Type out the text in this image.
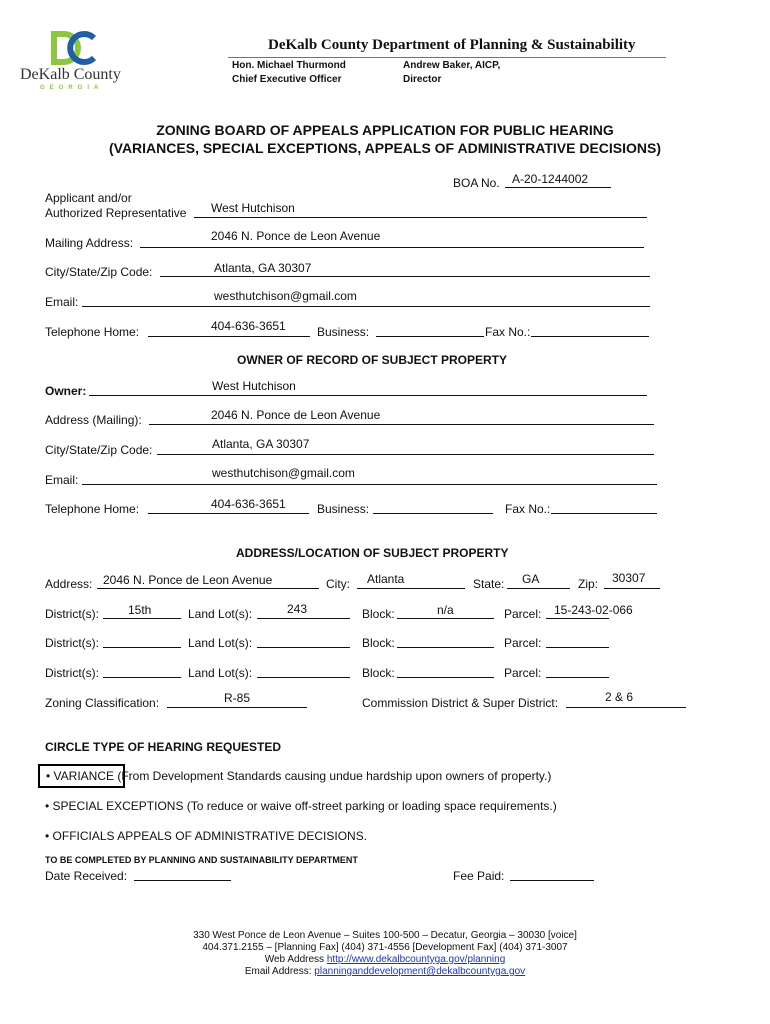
DeKalb County
GEORGIA
DeKalb County Department of Planning & Sustainability
Hon. Michael Thurmond
Chief Executive Officer
Andrew Baker, AICP,
Director
ZONING BOARD OF APPEALS APPLICATION FOR PUBLIC HEARING
(VARIANCES, SPECIAL EXCEPTIONS, APPEALS OF ADMINISTRATIVE DECISIONS)
BOA No. A-20-1244002
Applicant and/or
Authorized Representative West Hutchison
Mailing Address:	2046 N. Ponce de Leon Avenue
City/State/Zip Code:	Atlanta, GA 30307
Email:	westhutchison@gmail.com
Telephone Home:	404-636-3651	Business:	Fax No.:
OWNER OF RECORD OF SUBJECT PROPERTY
Owner:	West Hutchison
Address (Mailing):	2046 N. Ponce de Leon Avenue
City/State/Zip Code:	Atlanta, GA 30307
Email:	westhutchison@gmail.com
Telephone Home:	404-636-3651	Business:	Fax No.:
ADDRESS/LOCATION OF SUBJECT PROPERTY
Address: 2046 N. Ponce de Leon Avenue	City: Atlanta	State: GA	Zip: 30307
District(s): 15th	Land Lot(s):	243	Block:	n/a	Parcel: 15-243-02-066
District(s):	Land Lot(s):	Block:	Parcel:
District(s):	Land Lot(s):	Block:	Parcel:
Zoning Classification:	R-85	Commission District & Super District:	2 & 6
CIRCLE TYPE OF HEARING REQUESTED
• VARIANCE (From Development Standards causing undue hardship upon owners of property.)
• SPECIAL EXCEPTIONS (To reduce or waive off-street parking or loading space requirements.)
• OFFICIALS APPEALS OF ADMINISTRATIVE DECISIONS.
TO BE COMPLETED BY PLANNING AND SUSTAINABILITY DEPARTMENT
Date Received:	Fee Paid:
330 West Ponce de Leon Avenue – Suites 100-500 – Decatur, Georgia – 30030 [voice]
404.371.2155 – [Planning Fax] (404) 371-4556 [Development Fax] (404) 371-3007
Web Address http://www.dekalbcountyga.gov/planning
Email Address: planninganddevelopment@dekalbcountyga.gov
